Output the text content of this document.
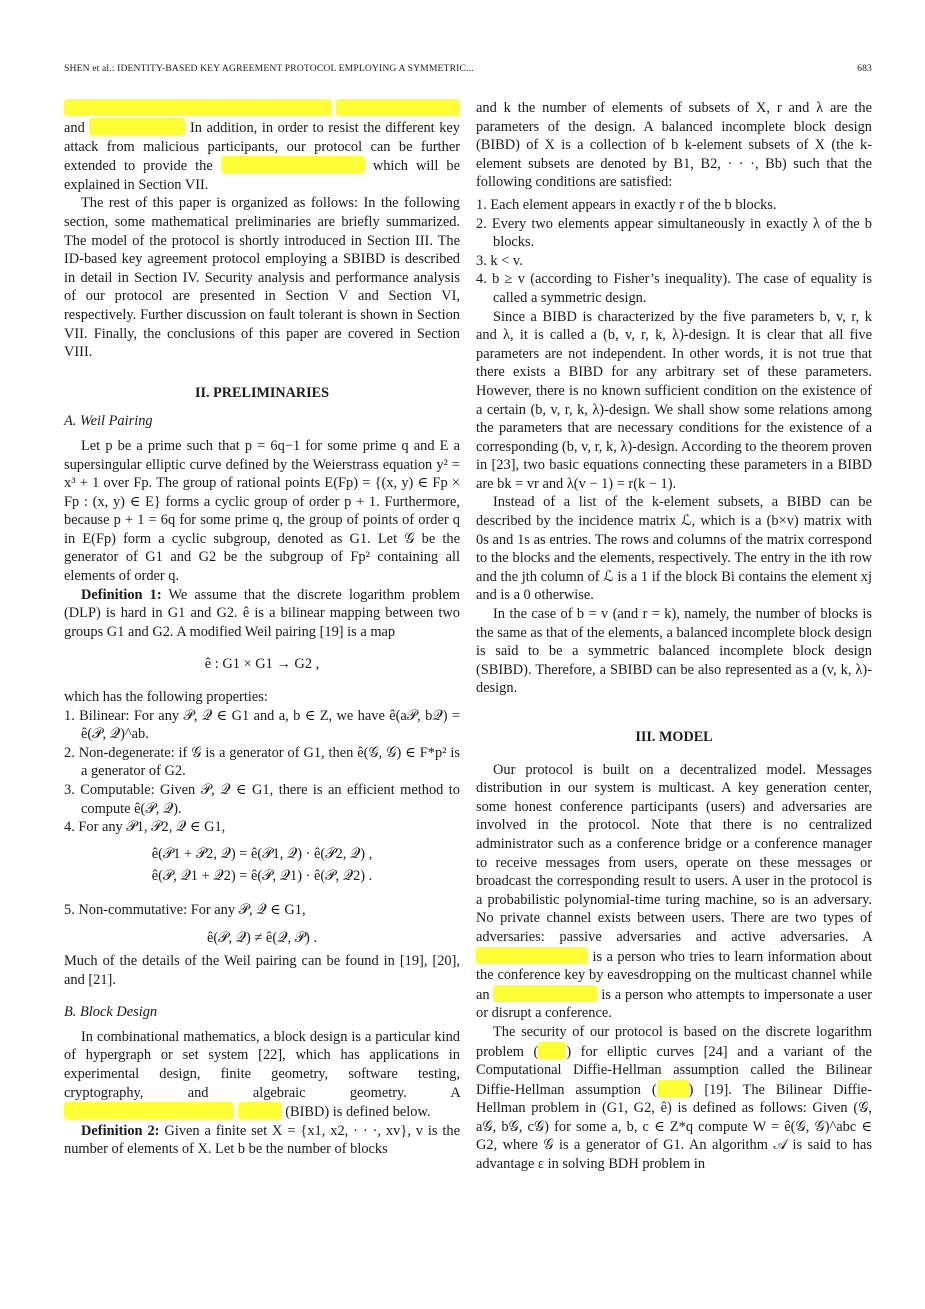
SHEN et al.: IDENTITY-BASED KEY AGREEMENT PROTOCOL EMPLOYING A SYMMETRIC...	683

and	In addition, in order to resist the different key attack from malicious participants, our protocol can be further extended to provide the	which will be explained in Section VII.

The rest of this paper is organized as follows: In the following section, some mathematical preliminaries are briefly summarized. The model of the protocol is shortly introduced in Section III. The ID-based key agreement protocol employing a SBIBD is described in detail in Section IV. Security analysis and performance analysis of our protocol are presented in Section V and Section VI, respectively. Further discussion on fault tolerant is shown in Section VII. Finally, the conclusions of this paper are covered in Section VIII.

II. PRELIMINARIES
A. Weil Pairing

Let p be a prime such that p = 6q−1 for some prime q and E a supersingular elliptic curve defined by the Weierstrass equation y² = x³ + 1 over Fp. The group of rational points E(Fp) = {(x, y) ∈ Fp × Fp : (x, y) ∈ E} forms a cyclic group of order p + 1. Furthermore, because p + 1 = 6q for some prime q, the group of points of order q in E(Fp) form a cyclic subgroup, denoted as G1. Let 𝒢 be the generator of G1 and G2 be the subgroup of Fp² containing all elements of order q.

Definition 1: We assume that the discrete logarithm problem (DLP) is hard in G1 and G2. ê is a bilinear mapping between two groups G1 and G2. A modified Weil pairing [19] is a map

ê : G1 × G1 → G2 ,

which has the following properties:

1. Bilinear: For any 𝒫, 𝒬 ∈ G1 and a, b ∈ Z, we have ê(a𝒫, b𝒬) = ê(𝒫, 𝒬)^ab.
2. Non-degenerate: if 𝒢 is a generator of G1, then ê(𝒢, 𝒢) ∈ F*p² is a generator of G2.
3. Computable: Given 𝒫, 𝒬 ∈ G1, there is an efficient method to compute ê(𝒫, 𝒬).
4. For any 𝒫1, 𝒫2, 𝒬 ∈ G1,
ê(𝒫1 + 𝒫2, 𝒬) = ê(𝒫1, 𝒬) · ê(𝒫2, 𝒬) ,
ê(𝒫, 𝒬1 + 𝒬2) = ê(𝒫, 𝒬1) · ê(𝒫, 𝒬2) .
5. Non-commutative: For any 𝒫, 𝒬 ∈ G1,
ê(𝒫, 𝒬) ≠ ê(𝒬, 𝒫) .

Much of the details of the Weil pairing can be found in [19], [20], and [21].

B. Block Design

In combinational mathematics, a block design is a particular kind of hypergraph or set system [22], which has applications in experimental design, finite geometry, software testing, cryptography, and algebraic geometry. A   (BIBD) is defined below.

Definition 2: Given a finite set X = {x1, x2, · · ·, xv}, v is the number of elements of X. Let b be the number of blocks

and k the number of elements of subsets of X, r and λ are the parameters of the design. A balanced incomplete block design (BIBD) of X is a collection of b k-element subsets of X (the k-element subsets are denoted by B1, B2, · · ·, Bb) such that the following conditions are satisfied:

1. Each element appears in exactly r of the b blocks.
2. Every two elements appear simultaneously in exactly λ of the b blocks.
3. k < v.
4. b ≥ v (according to Fisher’s inequality). The case of equality is called a symmetric design.

Since a BIBD is characterized by the five parameters b, v, r, k and λ, it is called a (b, v, r, k, λ)-design. It is clear that all five parameters are not independent. In other words, it is not true that there exists a BIBD for any arbitrary set of these parameters. However, there is no known sufficient condition on the existence of a certain (b, v, r, k, λ)-design. We shall show some relations among the parameters that are necessary conditions for the existence of a corresponding (b, v, r, k, λ)-design. According to the theorem proven in [23], two basic equations connecting these parameters in a BIBD are bk = vr and λ(v − 1) = r(k − 1).

Instead of a list of the k-element subsets, a BIBD can be described by the incidence matrix ℒ, which is a (b×v) matrix with 0s and 1s as entries. The rows and columns of the matrix correspond to the blocks and the elements, respectively. The entry in the ith row and the jth column of ℒ is a 1 if the block Bi contains the element xj and is a 0 otherwise.

In the case of b = v (and r = k), namely, the number of blocks is the same as that of the elements, a balanced incomplete block design is said to be a symmetric balanced incomplete block design (SBIBD). Therefore, a SBIBD can be also represented as a (v, k, λ)-design.

III. MODEL

Our protocol is built on a decentralized model. Messages distribution in our system is multicast. A key generation center, some honest conference participants (users) and adversaries are involved in the protocol. Note that there is no centralized administrator such as a conference bridge or a conference manager to receive messages from users, operate on these messages or broadcast the corresponding result to users. A user in the protocol is a probabilistic polynomial-time turing machine, so is an adversary. No private channel exists between users. There are two types of adversaries: passive adversaries and active adversaries. A  is a person who tries to learn information about the conference key by eavesdropping on the multicast channel while an	is a person who attempts to impersonate a user or disrupt a conference.

The security of our protocol is based on the discrete logarithm problem ( ) for elliptic curves [24] and a variant of the Computational Diffie-Hellman assumption called the Bilinear Diffie-Hellman assumption ( ) [19]. The Bilinear Diffie-Hellman problem in (G1, G2, ê) is defined as follows: Given (𝒢, a𝒢, b𝒢, c𝒢) for some a, b, c ∈ Z*q compute W = ê(𝒢, 𝒢)^abc ∈ G2, where 𝒢 is a generator of G1. An algorithm 𝒜 is said to has advantage ε in solving BDH problem in
